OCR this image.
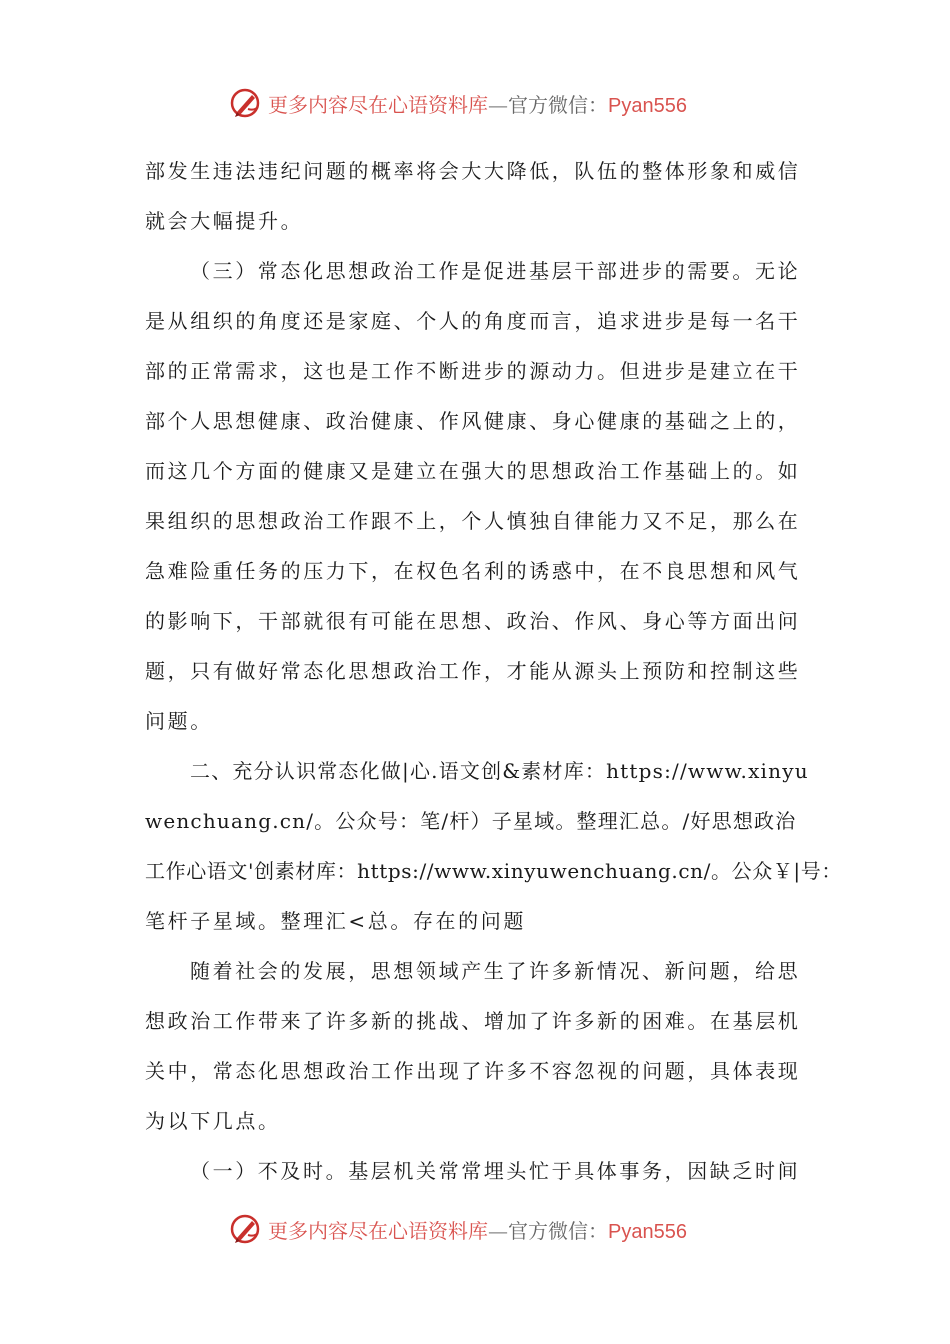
更多内容尽在心语资料库—官方微信：Pyan556
部发生违法违纪问题的概率将会大大降低，队伍的整体形象和威信
就会大幅提升。
（三）常态化思想政治工作是促进基层干部进步的需要。无论
是从组织的角度还是家庭、个人的角度而言，追求进步是每一名干
部的正常需求，这也是工作不断进步的源动力。但进步是建立在干
部个人思想健康、政治健康、作风健康、身心健康的基础之上的，
而这几个方面的健康又是建立在强大的思想政治工作基础上的。如
果组织的思想政治工作跟不上，个人慎独自律能力又不足，那么在
急难险重任务的压力下，在权色名利的诱惑中，在不良思想和风气
的影响下，干部就很有可能在思想、政治、作风、身心等方面出问
题，只有做好常态化思想政治工作，才能从源头上预防和控制这些
问题。
二、充分认识常态化做|心.语文创&素材库：https://www.xinyu
wenchuang.cn/。公众号：笔/杆）子星域。整理汇总。/好思想政治
工作心语文'创素材库：https://www.xinyuwenchuang.cn/。公众￥|号：
笔杆子星域。整理汇<总。存在的问题
随着社会的发展，思想领域产生了许多新情况、新问题，给思
想政治工作带来了许多新的挑战、增加了许多新的困难。在基层机
关中，常态化思想政治工作出现了许多不容忽视的问题，具体表现
为以下几点。
（一）不及时。基层机关常常埋头忙于具体事务，因缺乏时间
更多内容尽在心语资料库—官方微信：Pyan556
